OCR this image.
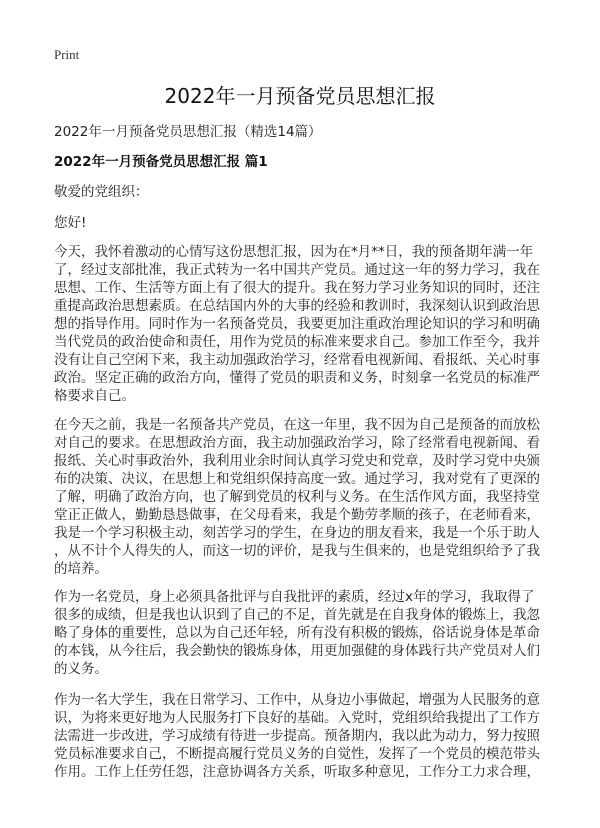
Print
2022年一月预备党员思想汇报
2022年一月预备党员思想汇报（精选14篇）
2022年一月预备党员思想汇报 篇1
敬爱的党组织：
您好!
今天，我怀着激动的心情写这份思想汇报，因为在*月**日，我的预备期年满一年
了，经过支部批准，我正式转为一名中国共产党员。通过这一年的努力学习，我在
思想、工作、生活等方面上有了很大的提升。我在努力学习业务知识的同时，还注
重提高政治思想素质。在总结国内外的大事的经验和教训时，我深刻认识到政治思
想的指导作用。同时作为一名预备党员，我要更加注重政治理论知识的学习和明确
当代党员的政治使命和责任，用作为党员的标准来要求自己。参加工作至今，我并
没有让自己空闲下来，我主动加强政治学习，经常看电视新闻、看报纸、关心时事
政治。坚定正确的政治方向，懂得了党员的职责和义务，时刻拿一名党员的标准严
格要求自己。
在今天之前，我是一名预备共产党员，在这一年里，我不因为自己是预备的而放松
对自己的要求。在思想政治方面，我主动加强政治学习，除了经常看电视新闻、看
报纸、关心时事政治外，我利用业余时间认真学习党史和党章，及时学习党中央颁
布的决策、决议，在思想上和党组织保持高度一致。通过学习，我对党有了更深的
了解，明确了政治方向，也了解到党员的权利与义务。在生活作风方面，我坚持堂
堂正正做人，勤勤恳恳做事，在父母看来，我是个勤劳孝顺的孩子，在老师看来，
我是一个学习积极主动，刻苦学习的学生，在身边的朋友看来，我是一个乐于助人
，从不计个人得失的人，而这一切的评价，是我与生俱来的，也是党组织给予了我
的培养。
作为一名党员，身上必须具备批评与自我批评的素质，经过x年的学习，我取得了
很多的成绩，但是我也认识到了自己的不足，首先就是在自我身体的锻炼上，我忽
略了身体的重要性，总以为自己还年轻，所有没有积极的锻炼，俗话说身体是革命
的本钱，从今往后，我会勤快的锻炼身体，用更加强健的身体践行共产党员对人们
的义务。
作为一名大学生，我在日常学习、工作中，从身边小事做起，增强为人民服务的意
识，为将来更好地为人民服务打下良好的基础。入党时，党组织给我提出了工作方
法需进一步改进，学习成绩有待进一步提高。预备期内，我以此为动力，努力按照
党员标准要求自己，不断提高履行党员义务的自觉性，发挥了一个党员的模范带头
作用。工作上任劳任怨，注意协调各方关系，听取多种意见，工作分工力求合理，
